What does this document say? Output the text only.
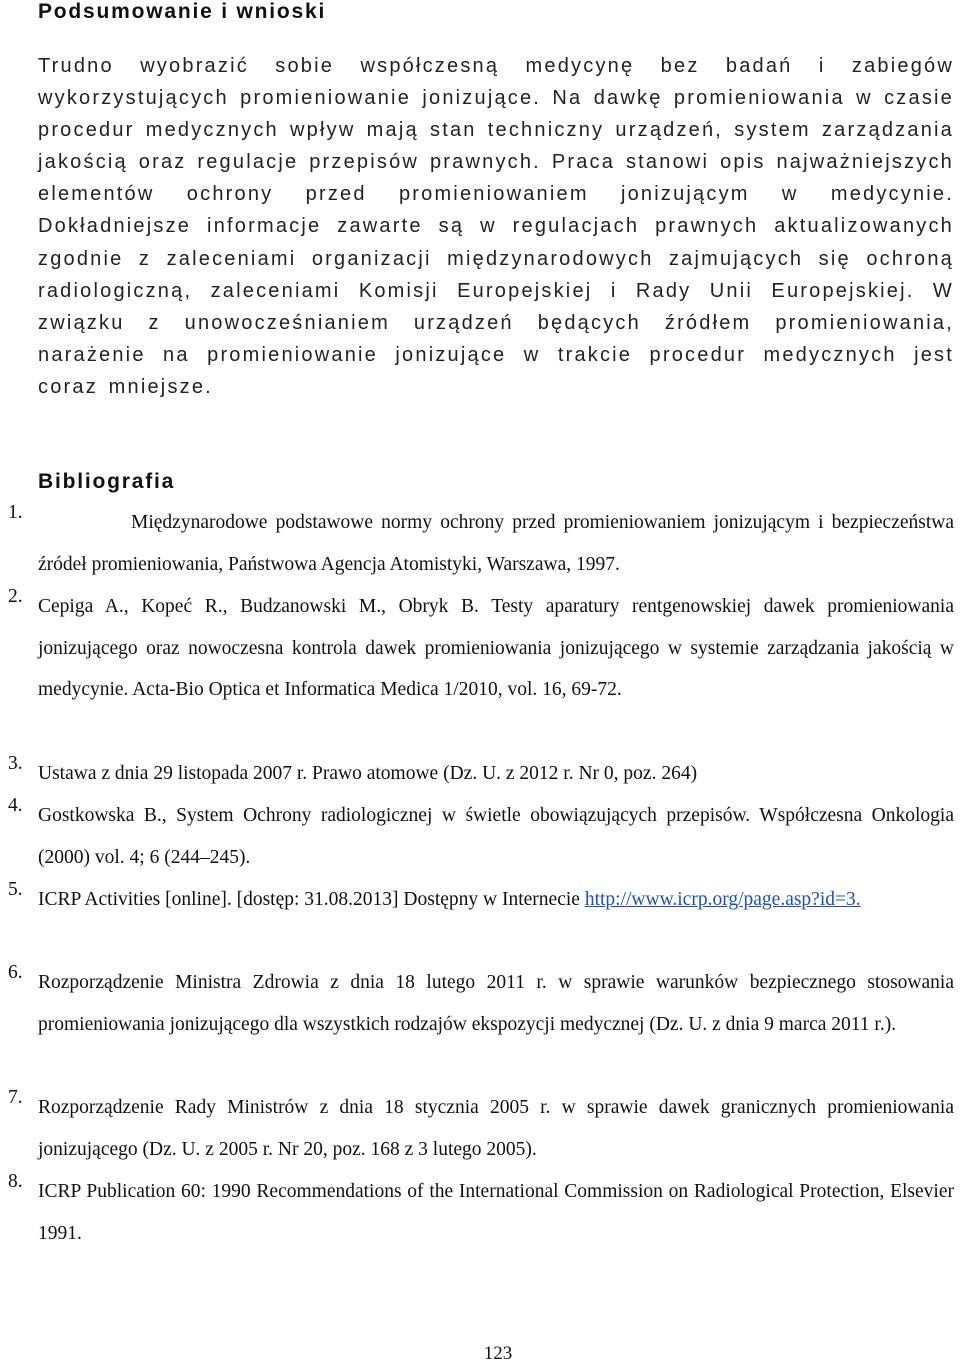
Podsumowanie i wnioski

Trudno wyobrazić sobie współczesną medycynę bez badań i zabiegów wykorzystujących promieniowanie jonizujące. Na dawkę promieniowania w czasie procedur medycznych wpływ mają stan techniczny urządzeń, system zarządzania jakością oraz regulacje przepisów prawnych. Praca stanowi opis najważniejszych elementów ochrony przed promieniowaniem jonizującym w medycynie. Dokładniejsze informacje zawarte są w regulacjach prawnych aktualizowanych zgodnie z zaleceniami organizacji międzynarodowych zajmujących się ochroną radiologiczną, zaleceniami Komisji Europejskiej i Rady Unii Europejskiej. W związku z unowocześnianiem urządzeń będących źródłem promieniowania, narażenie na promieniowanie jonizujące w trakcie procedur medycznych jest coraz mniejsze.

Bibliografia
1.	Międzynarodowe podstawowe normy ochrony przed promieniowaniem jonizującym i bezpieczeństwa źródeł promieniowania, Państwowa Agencja Atomistyki, Warszawa, 1997.

2. Cepiga A., Kopeć R., Budzanowski M., Obryk B. Testy aparatury rentgenowskiej dawek promieniowania jonizującego oraz nowoczesna kontrola dawek promieniowania jonizującego w systemie zarządzania jakością w medycynie. Acta-Bio Optica et Informatica Medica 1/2010, vol. 16, 69-72.

3. Ustawa z dnia 29 listopada 2007 r. Prawo atomowe (Dz. U. z 2012 r. Nr 0, poz. 264)

4. Gostkowska B., System Ochrony radiologicznej w świetle obowiązujących przepisów. Współczesna Onkologia (2000) vol. 4; 6 (244–245).

5. ICRP Activities [online]. [dostęp: 31.08.2013] Dostępny w Internecie http://www.icrp.org/page.asp?id=3.

6. Rozporządzenie Ministra Zdrowia z dnia 18 lutego 2011 r. w sprawie warunków bezpiecznego stosowania promieniowania jonizującego dla wszystkich rodzajów ekspozycji medycznej (Dz. U. z dnia 9 marca 2011 r.).

7. Rozporządzenie Rady Ministrów z dnia 18 stycznia 2005 r. w sprawie dawek granicznych promieniowania jonizującego (Dz. U. z 2005 r. Nr 20, poz. 168 z 3 lutego 2005).

8. ICRP Publication 60: 1990 Recommendations of the International Commission on Radiological Protection, Elsevier 1991.

123
